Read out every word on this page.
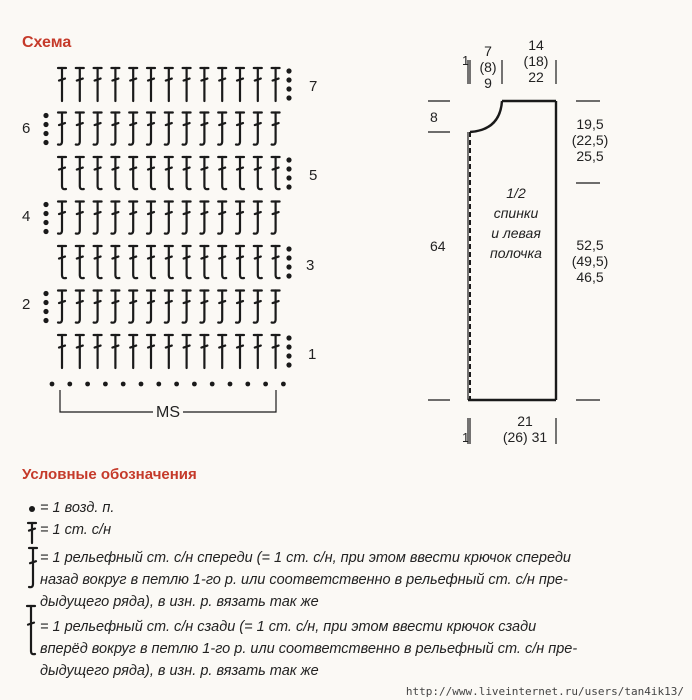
Схема
7
5
3
1
6
4
2
MS
1
7
(8)
9
14
(18)
22
8	19,5
(22,5)
25,5
52,5
(49,5)
46,5
64
1/2
спинки
и левая
полочка
21
(26) 31
1
Условные обозначения
= 1 возд. п.
= 1 ст. с/н
= 1 рельефный ст. с/н спереди (= 1 ст. с/н, при этом ввести крючок спереди
назад вокруг в петлю 1-го р. или соответственно в рельефный ст. с/н пре-
дыдущего ряда), в изн. р. вязать так же
= 1 рельефный ст. с/н сзади (= 1 ст. с/н, при этом ввести крючок сзади
вперёд вокруг в петлю 1-го р. или соответственно в рельефный ст. с/н пре-
дыдущего ряда), в изн. р. вязать так же
http://www.liveinternet.ru/users/tan4ik13/
